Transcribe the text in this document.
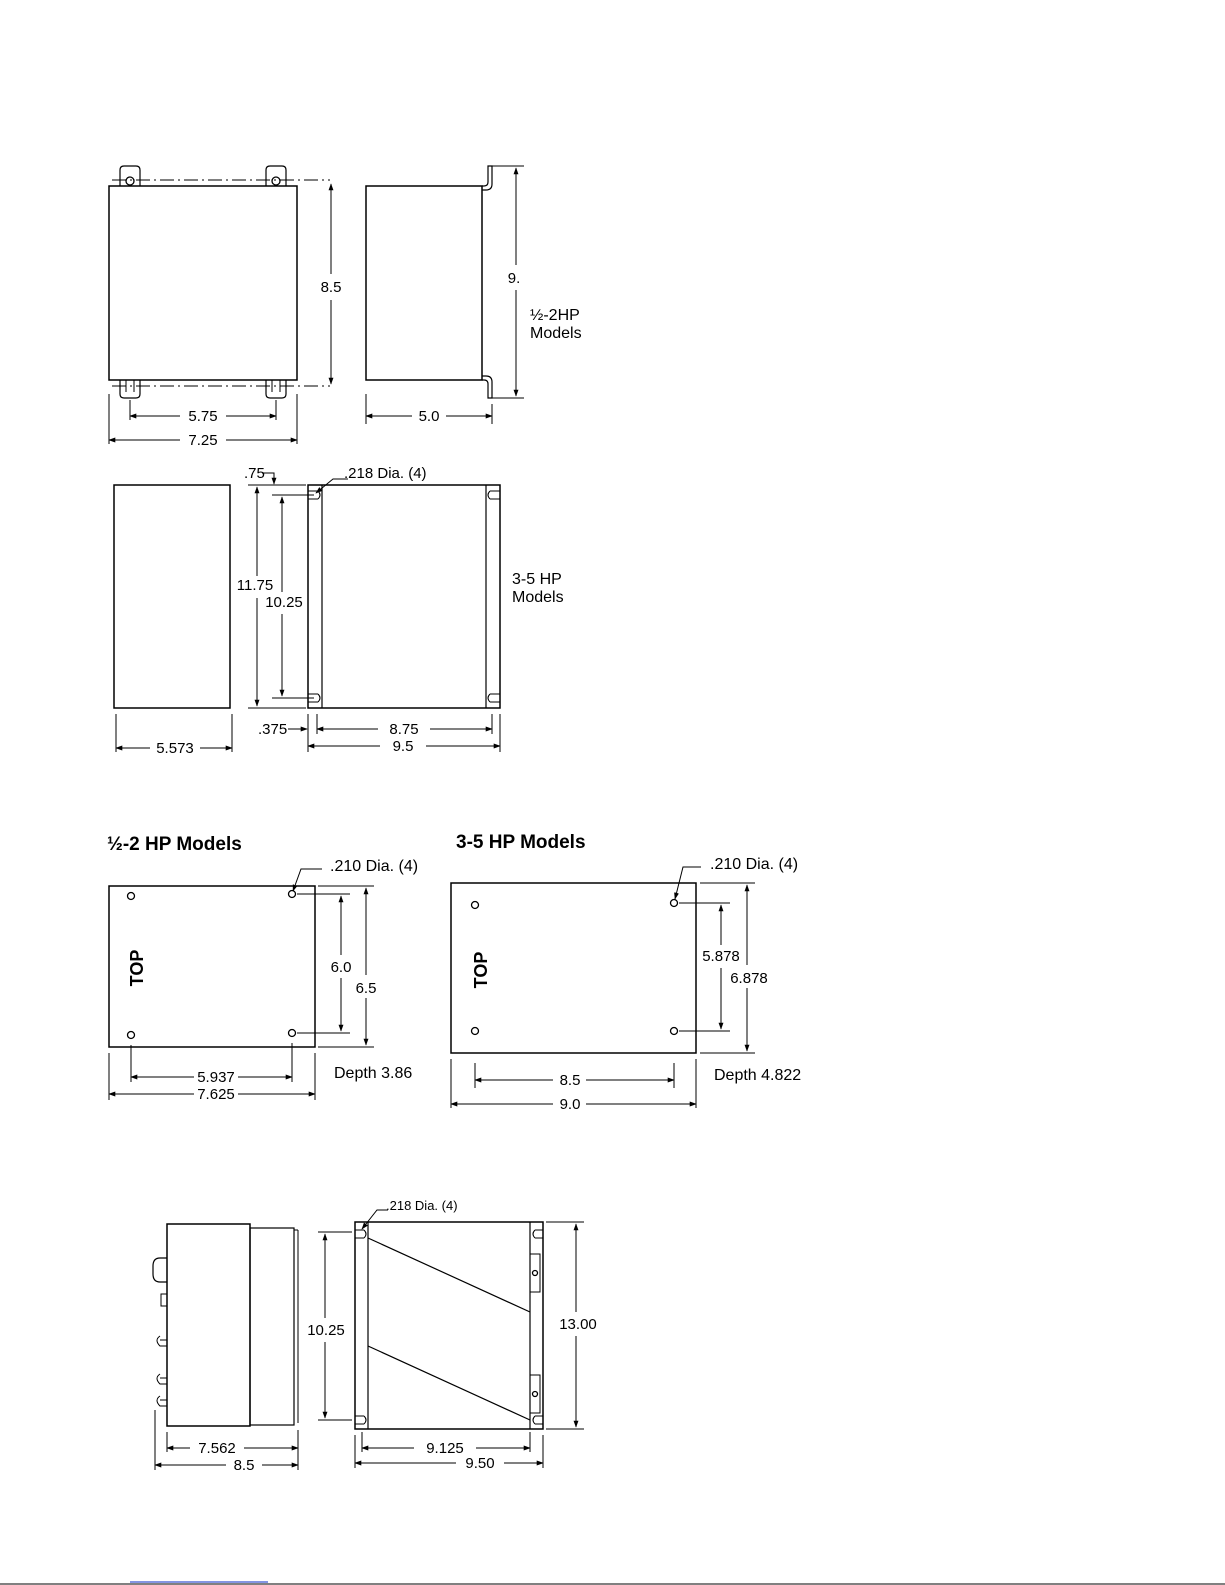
8.5
5.75
7.25
9.
½-2HP
Models
5.0
5.573
.218 Dia. (4)
.75
11.75
10.25
3-5 HP
Models
.375	8.75
9.5
½-2 HP Models
TOP
.210 Dia. (4)
6.0
6.5
5.937
7.625
Depth 3.86
3-5 HP Models
TOP
.210 Dia. (4)
5.878
6.878
8.5
9.0
Depth 4.822
7.562
8.5
.218 Dia. (4)
10.25	13.00
9.125
9.50
